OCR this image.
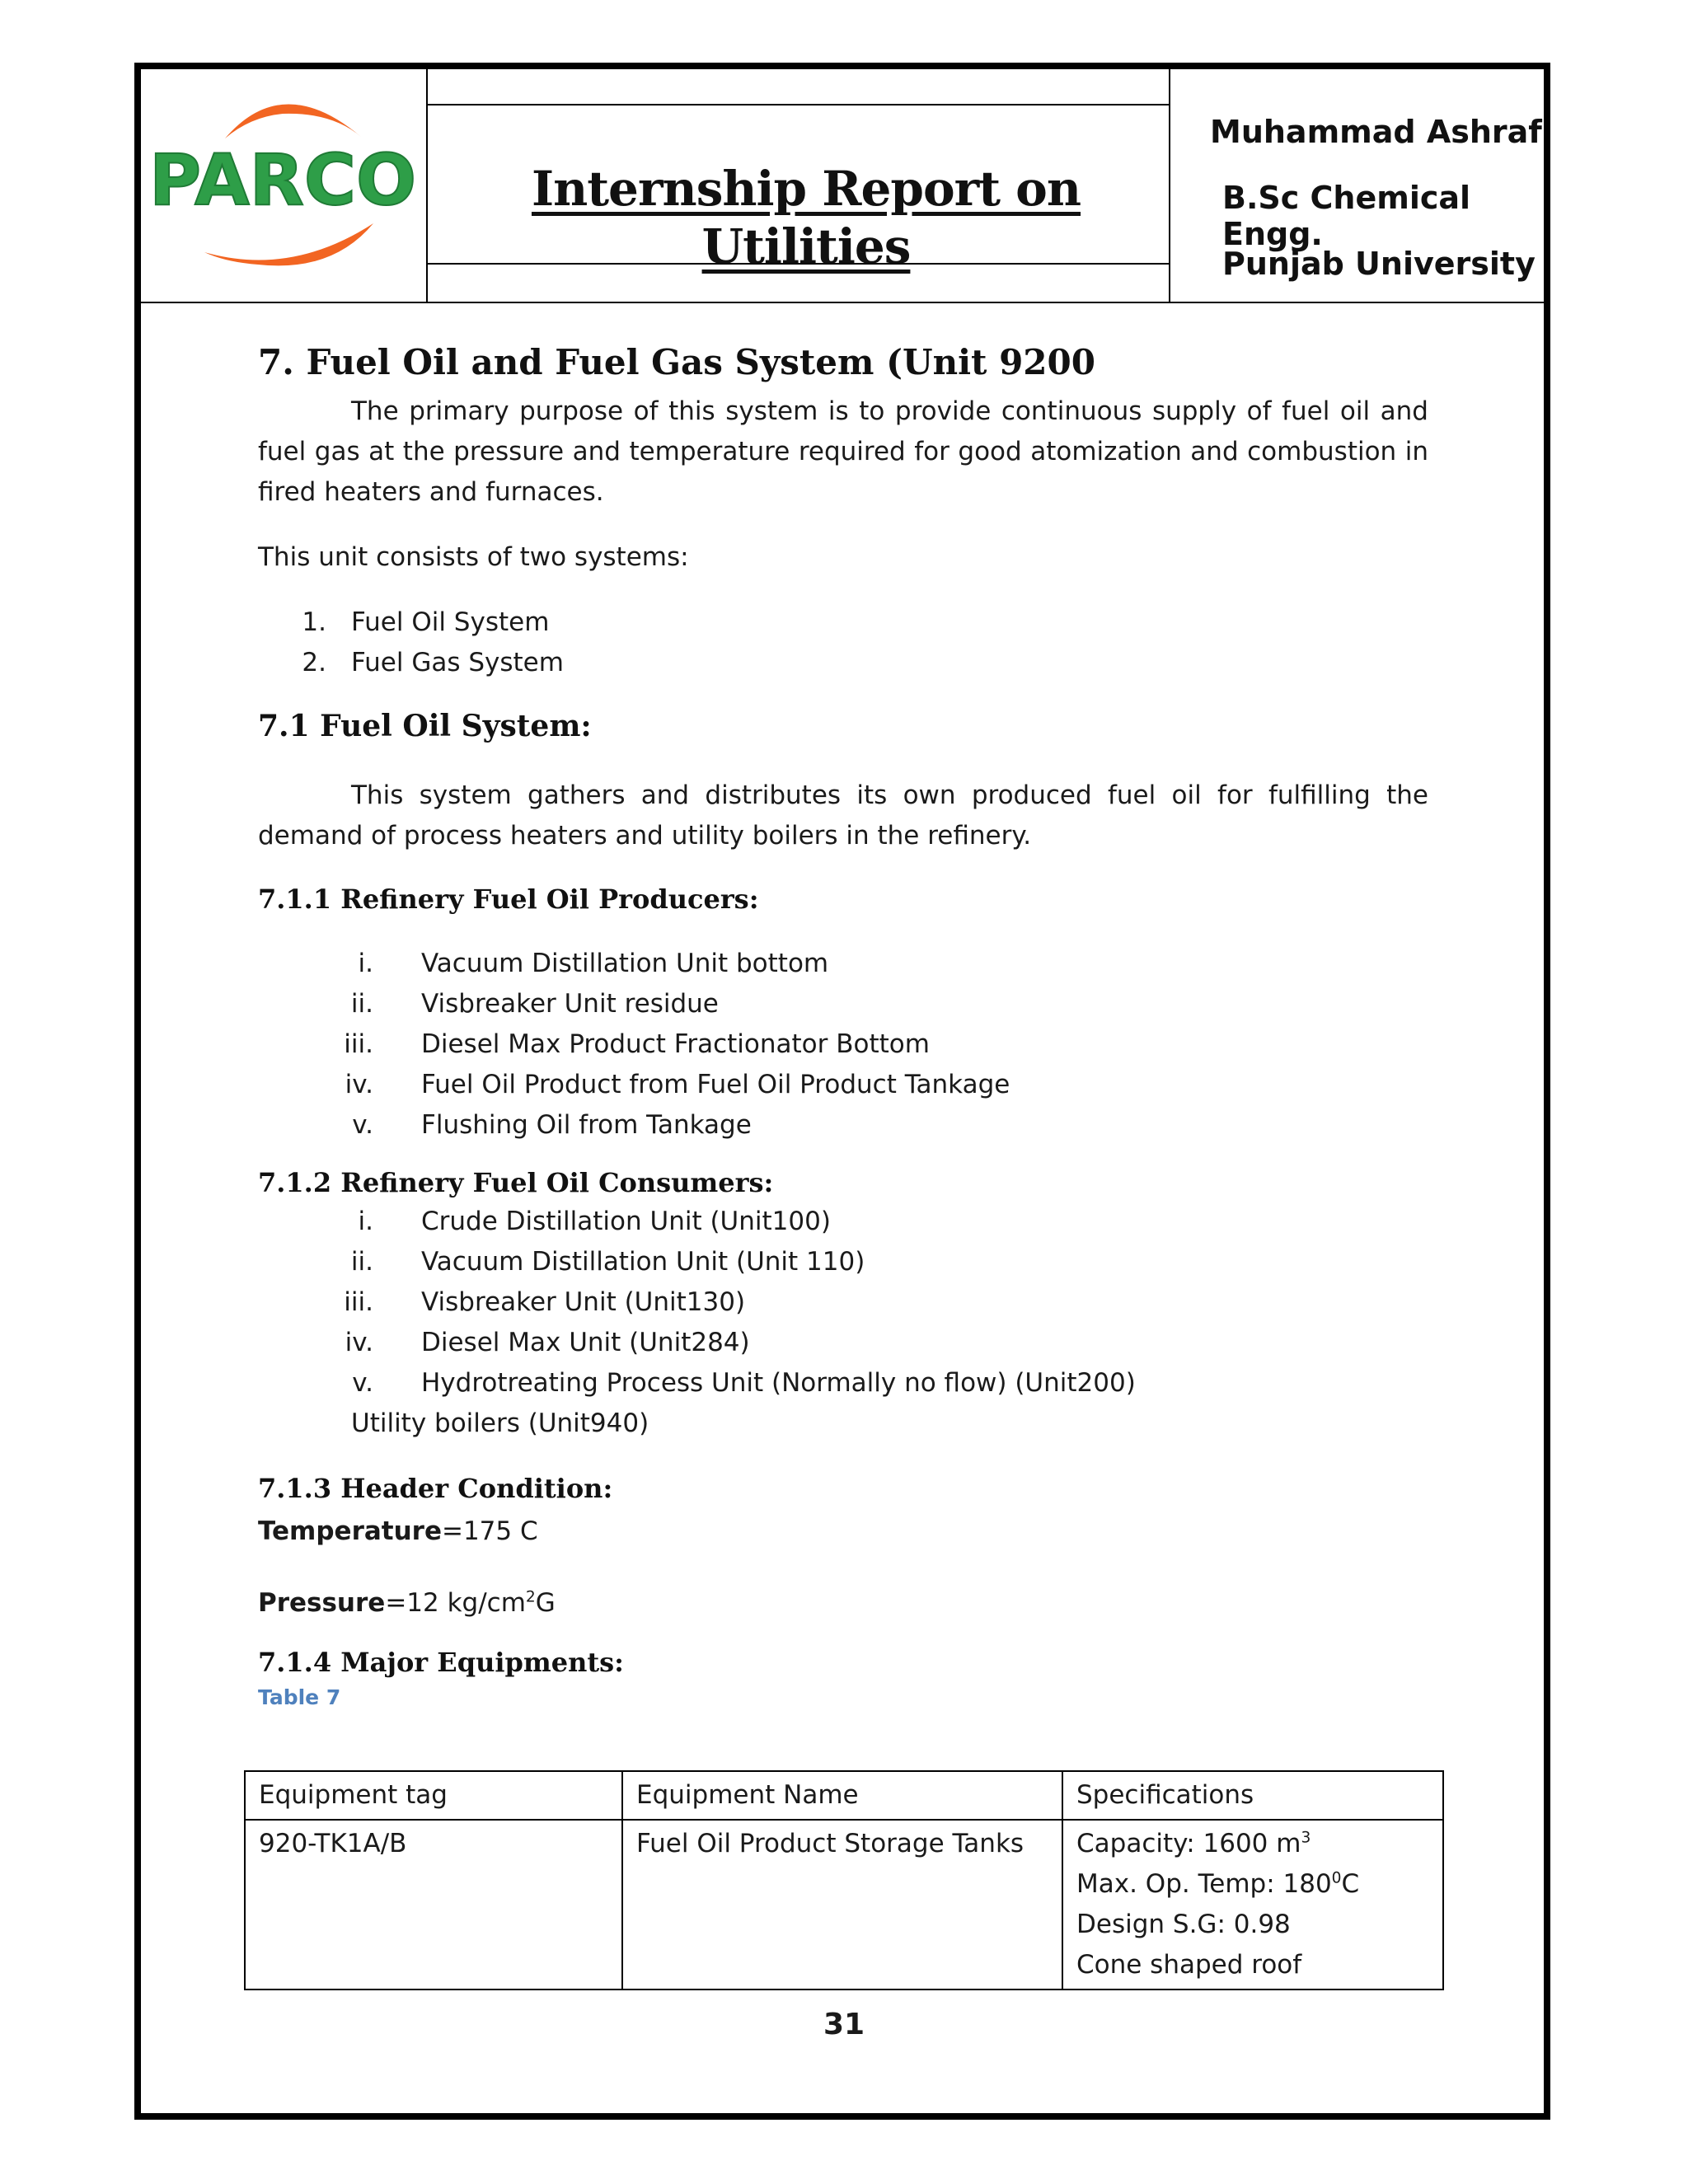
PARCO	Internship Report on Utilities
Muhammad Ashraf
B.Sc Chemical Engg.
Punjab University
7. Fuel Oil and Fuel Gas System (Unit 9200

The primary purpose of this system is to provide continuous supply of fuel oil and fuel gas at the pressure and temperature required for good atomization and combustion in fired heaters and furnaces.

This unit consists of two systems:

1. Fuel Oil System
2. Fuel Gas System
7.1 Fuel Oil System:

This system gathers and distributes its own produced fuel oil for fulfilling the demand of process heaters and utility boilers in the refinery.

7.1.1 Refinery Fuel Oil Producers:
i. Vacuum Distillation Unit bottom
ii. Visbreaker Unit residue
iii. Diesel Max Product Fractionator Bottom
iv. Fuel Oil Product from Fuel Oil Product Tankage
v. Flushing Oil from Tankage
7.1.2 Refinery Fuel Oil Consumers:
i. Crude Distillation Unit (Unit100)
ii. Vacuum Distillation Unit (Unit 110)
iii. Visbreaker Unit (Unit130)
iv. Diesel Max Unit (Unit284)
v. Hydrotreating Process Unit (Normally no flow) (Unit200)

Utility boilers (Unit940)

7.1.3 Header Condition:

Temperature=175 C

Pressure=12 $kg/cm^2G$

7.1.4 Major Equipments:
Table 7
Equipment tag	Equipment Name	Specifications
920-TK1A/B	Fuel Oil Product Storage Tanks	Capacity: 1600 $m^3$
Max. Op. Temp: $180^0C$
Design S.G: 0.98
Cone shaped roof
31
